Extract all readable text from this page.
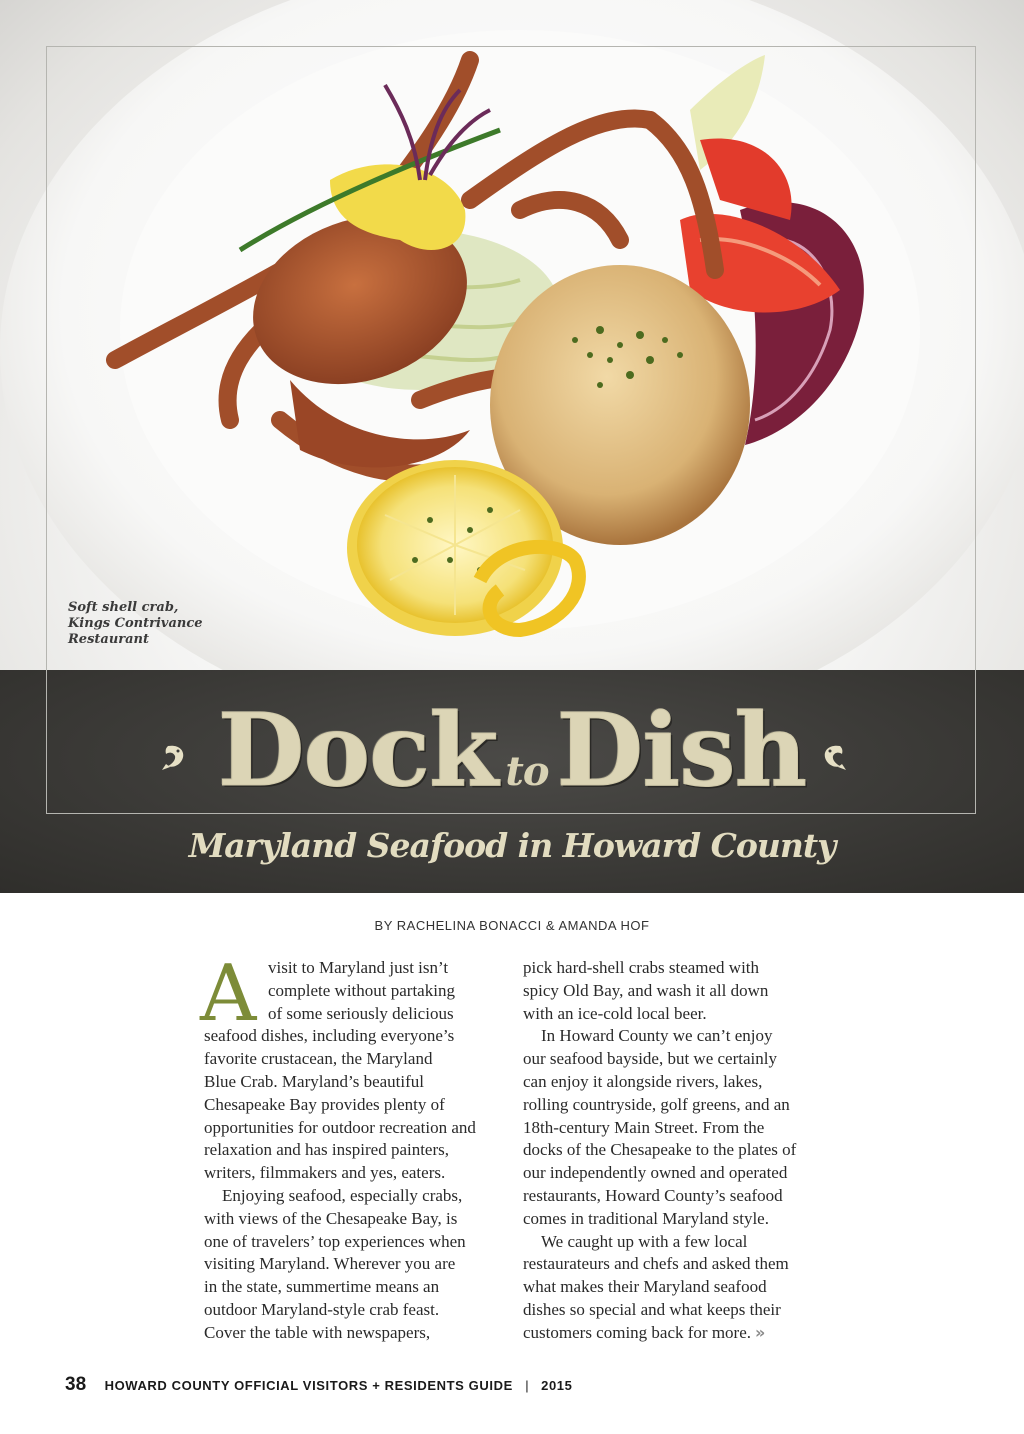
Soft shell crab,
Kings Contrivance
Restaurant
Dock to Dish
Maryland Seafood in Howard County
BY RACHELINA BONACCI & AMANDA HOF
A visit to Maryland just isn’t
complete without partaking
of some seriously delicious
seafood dishes, including everyone’s
favorite crustacean, the Maryland
Blue Crab. Maryland’s beautiful
Chesapeake Bay provides plenty of
opportunities for outdoor recreation and
relaxation and has inspired painters,
writers, filmmakers and yes, eaters.
Enjoying seafood, especially crabs,
with views of the Chesapeake Bay, is
one of travelers’ top experiences when
visiting Maryland. Wherever you are
in the state, summertime means an
outdoor Maryland-style crab feast.
Cover the table with newspapers,
pick hard-shell crabs steamed with
spicy Old Bay, and wash it all down
with an ice-cold local beer.
In Howard County we can’t enjoy
our seafood bayside, but we certainly
can enjoy it alongside rivers, lakes,
rolling countryside, golf greens, and an
18th-century Main Street. From the
docks of the Chesapeake to the plates of
our independently owned and operated
restaurants, Howard County’s seafood
comes in traditional Maryland style.
We caught up with a few local
restaurateurs and chefs and asked them
what makes their Maryland seafood
dishes so special and what keeps their
customers coming back for more. »
38 HOWARD COUNTY OFFICIAL VISITORS + RESIDENTS GUIDE | 2015
